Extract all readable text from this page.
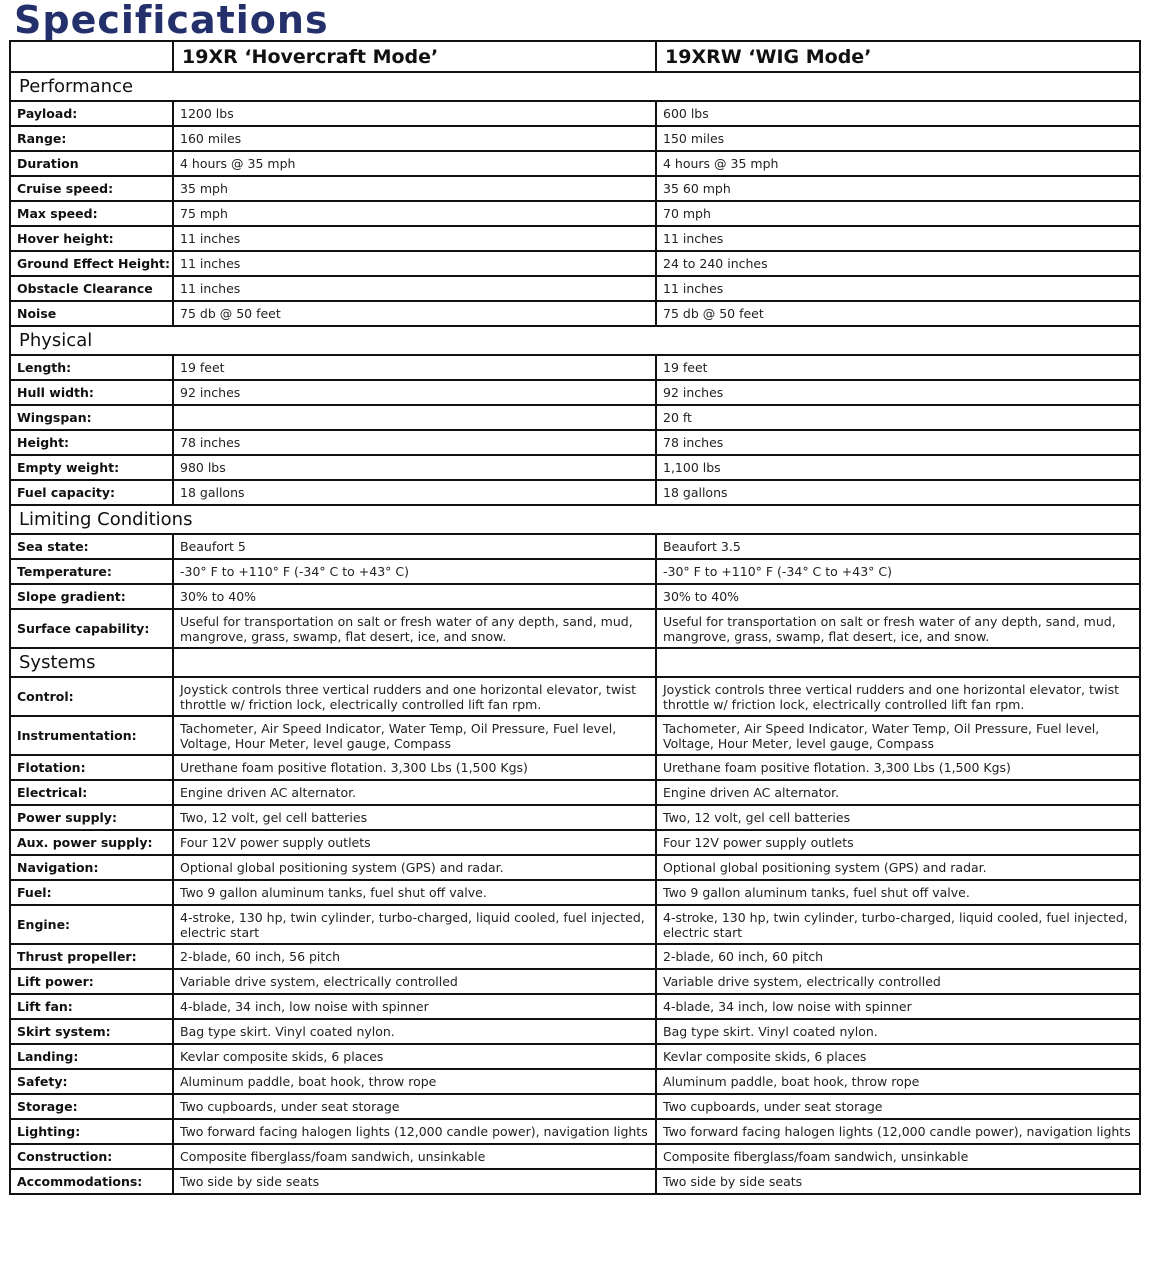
Specifications
	19XR ‘Hovercraft Mode’	19XRW ‘WIG Mode’
Performance		
Payload:	1200 lbs	600 lbs
Range:	160 miles	150 miles
Duration	4 hours @ 35 mph	4 hours @ 35 mph
Cruise speed:	35 mph	35 60 mph
Max speed:	75 mph	70 mph
Hover height:	11 inches	11 inches
Ground Effect Height:	11 inches	24 to 240 inches
Obstacle Clearance	11 inches	11 inches
Noise	75 db @ 50 feet	75 db @ 50 feet
Physical		
Length:	19 feet	19 feet
Hull width:	92 inches	92 inches
Wingspan:		20 ft
Height:	78 inches	78 inches
Empty weight:	980 lbs	1,100 lbs
Fuel capacity:	18 gallons	18 gallons
Limiting Conditions		
Sea state:	Beaufort 5	Beaufort 3.5
Temperature:	-30° F to +110° F (-34° C to +43° C)	-30° F to +110° F (-34° C to +43° C)
Slope gradient:	30% to 40%	30% to 40%
Surface capability:	Useful for transportation on salt or fresh water of any depth, sand, mud, mangrove, grass, swamp, flat desert, ice, and snow.	Useful for transportation on salt or fresh water of any depth, sand, mud, mangrove, grass, swamp, flat desert, ice, and snow.
Systems		
Control:	Joystick controls three vertical rudders and one horizontal elevator, twist throttle w/ friction lock, electrically controlled lift fan rpm.	Joystick controls three vertical rudders and one horizontal elevator, twist throttle w/ friction lock, electrically controlled lift fan rpm.
Instrumentation:	Tachometer, Air Speed Indicator, Water Temp, Oil Pressure, Fuel level, Voltage, Hour Meter, level gauge, Compass	Tachometer, Air Speed Indicator, Water Temp, Oil Pressure, Fuel level, Voltage, Hour Meter, level gauge, Compass
Flotation:	Urethane foam positive flotation. 3,300 Lbs (1,500 Kgs)	Urethane foam positive flotation. 3,300 Lbs (1,500 Kgs)
Electrical:	Engine driven AC alternator.	Engine driven AC alternator.
Power supply:	Two, 12 volt, gel cell batteries	Two, 12 volt, gel cell batteries
Aux. power supply:	Four 12V power supply outlets	Four 12V power supply outlets
Navigation:	Optional global positioning system (GPS) and radar.	Optional global positioning system (GPS) and radar.
Fuel:	Two 9 gallon aluminum tanks, fuel shut off valve.	Two 9 gallon aluminum tanks, fuel shut off valve.
Engine:	4-stroke, 130 hp, twin cylinder, turbo-charged, liquid cooled, fuel injected, electric start	4-stroke, 130 hp, twin cylinder, turbo-charged, liquid cooled, fuel injected, electric start
Thrust propeller:	2-blade, 60 inch, 56 pitch	2-blade, 60 inch, 60 pitch
Lift power:	Variable drive system, electrically controlled	Variable drive system, electrically controlled
Lift fan:	4-blade, 34 inch, low noise with spinner	4-blade, 34 inch, low noise with spinner
Skirt system:	Bag type skirt. Vinyl coated nylon.	Bag type skirt. Vinyl coated nylon.
Landing:	Kevlar composite skids, 6 places	Kevlar composite skids, 6 places
Safety:	Aluminum paddle, boat hook, throw rope	Aluminum paddle, boat hook, throw rope
Storage:	Two cupboards, under seat storage	Two cupboards, under seat storage
Lighting:	Two forward facing halogen lights (12,000 candle power), navigation lights	Two forward facing halogen lights (12,000 candle power), navigation lights
Construction:	Composite fiberglass/foam sandwich, unsinkable	Composite fiberglass/foam sandwich, unsinkable
Accommodations:	Two side by side seats	Two side by side seats
